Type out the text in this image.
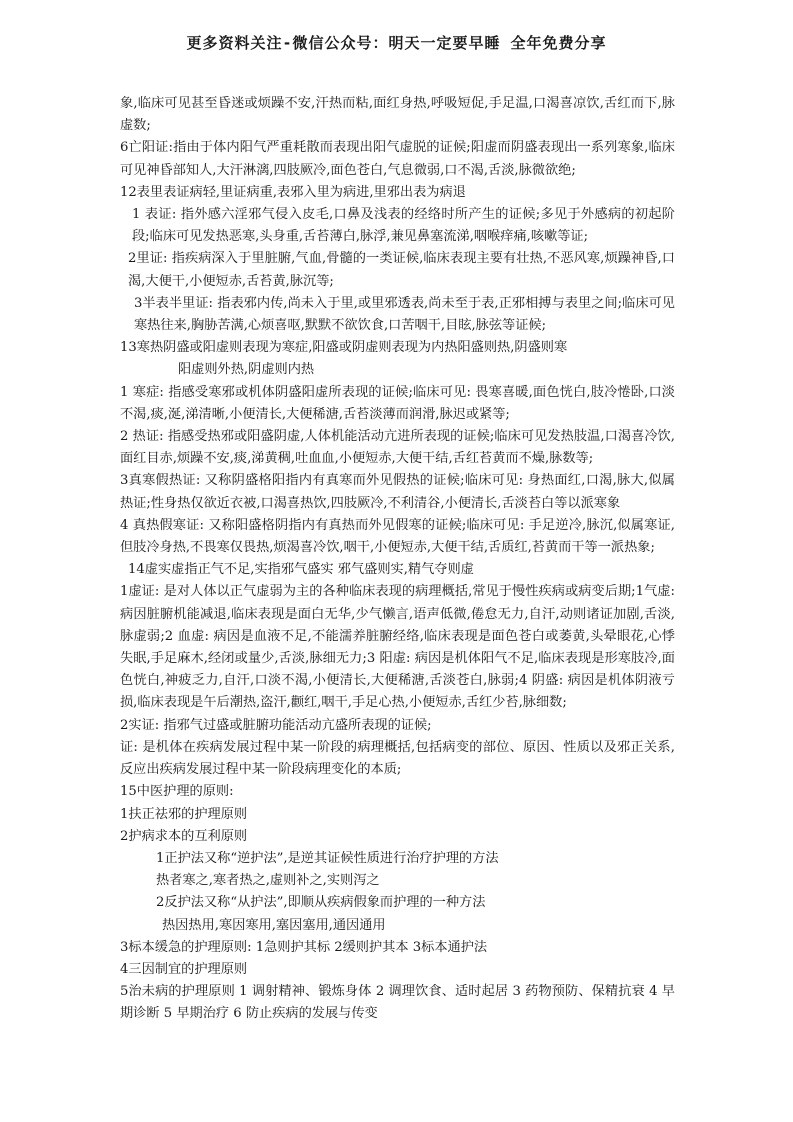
更多资料关注-微信公众号：明天一定要早睡 全年免费分享

象,临床可见甚至昏迷或烦躁不安,汗热而粘,面红身热,呼吸短促,手足温,口渴喜凉饮,舌红而下,脉虚数;

6亡阳证:指由于体内阳气严重耗散而表现出阳气虚脱的证候;阳虚而阴盛表现出一系列寒象,临床可见神昏部知人,大汗淋漓,四肢厥冷,面色苍白,气息微弱,口不渴,舌淡,脉微欲绝;

12表里表证病轻,里证病重,表邪入里为病进,里邪出表为病退

1 表证: 指外感六淫邪气侵入皮毛,口鼻及浅表的经络时所产生的证候;多见于外感病的初起阶段;临床可见发热恶寒,头身重,舌苔薄白,脉浮,兼见鼻塞流涕,咽喉痒痛,咳嗽等证;

2里证: 指疾病深入于里脏腑,气血,骨髓的一类证候,临床表现主要有壮热,不恶风寒,烦躁神昏,口渴,大便干,小便短赤,舌苔黄,脉沉等;

3半表半里证: 指表邪内传,尚未入于里,或里邪透表,尚未至于表,正邪相搏与表里之间;临床可见寒热往来,胸胁苦满,心烦喜呕,默默不欲饮食,口苦咽干,目眩,脉弦等证候;

13寒热阴盛或阳虚则表现为寒症,阳盛或阴虚则表现为内热阳盛则热,阴盛则寒

阳虚则外热,阴虚则内热

1 寒症: 指感受寒邪或机体阴盛阳虚所表现的证候;临床可见: 畏寒喜暖,面色恍白,肢冷惓卧,口淡不渴,痰,涎,涕清晰,小便清长,大便稀溏,舌苔淡薄而润滑,脉迟或紧等;

2 热证: 指感受热邪或阳盛阴虚,人体机能活动亢进所表现的证候;临床可见发热肢温,口渴喜冷饮,面红目赤,烦躁不安,痰,涕黄稠,吐血血,小便短赤,大便干结,舌红苔黄而不燥,脉数等;

3真寒假热证: 又称阴盛格阳指内有真寒而外见假热的证候;临床可见: 身热面红,口渴,脉大,似属热证;性身热仅欲近衣被,口渴喜热饮,四肢厥冷,不利清谷,小便清长,舌淡苔白等以派寒象

4 真热假寒证: 又称阳盛格阴指内有真热而外见假寒的证候;临床可见: 手足逆冷,脉沉,似属寒证,但肢冷身热,不畏寒仅畏热,烦渴喜冷饮,咽干,小便短赤,大便干结,舌质红,苔黄而干等一派热象;

14虚实虚指正气不足,实指邪气盛实 邪气盛则实,精气夺则虚

1虚证: 是对人体以正气虚弱为主的各种临床表现的病理概括,常见于慢性疾病或病变后期;1气虚: 病因脏腑机能减退,临床表现是面白无华,少气懒言,语声低微,倦怠无力,自汗,动则诸证加剧,舌淡,脉虚弱;2 血虚: 病因是血液不足,不能濡养脏腑经络,临床表现是面色苍白或萎黄,头晕眼花,心悸失眠,手足麻木,经闭或量少,舌淡,脉细无力;3 阳虚: 病因是机体阳气不足,临床表现是形寒肢冷,面色恍白,神疲乏力,自汗,口淡不渴,小便清长,大便稀溏,舌淡苍白,脉弱;4 阴盛: 病因是机体阴液亏损,临床表现是午后潮热,盗汗,颧红,咽干,手足心热,小便短赤,舌红少苔,脉细数;

2实证: 指邪气过盛或脏腑功能活动亢盛所表现的证候;

证: 是机体在疾病发展过程中某一阶段的病理概括,包括病变的部位、原因、性质以及邪正关系,反应出疾病发展过程中某一阶段病理变化的本质;

15中医护理的原则:

1扶正祛邪的护理原则

2护病求本的互利原则

1正护法又称“逆护法”,是逆其证候性质进行治疗护理的方法

热者寒之,寒者热之,虚则补之,实则泻之

2反护法又称“从护法”,即顺从疾病假象而护理的一种方法

热因热用,寒因寒用,塞因塞用,通因通用

3标本缓急的护理原则: 1急则护其标 2缓则护其本 3标本通护法

4三因制宜的护理原则

5治未病的护理原则 1 调射精神、锻炼身体 2 调理饮食、适时起居 3 药物预防、保精抗衰 4 早期诊断 5 早期治疗 6 防止疾病的发展与传变
